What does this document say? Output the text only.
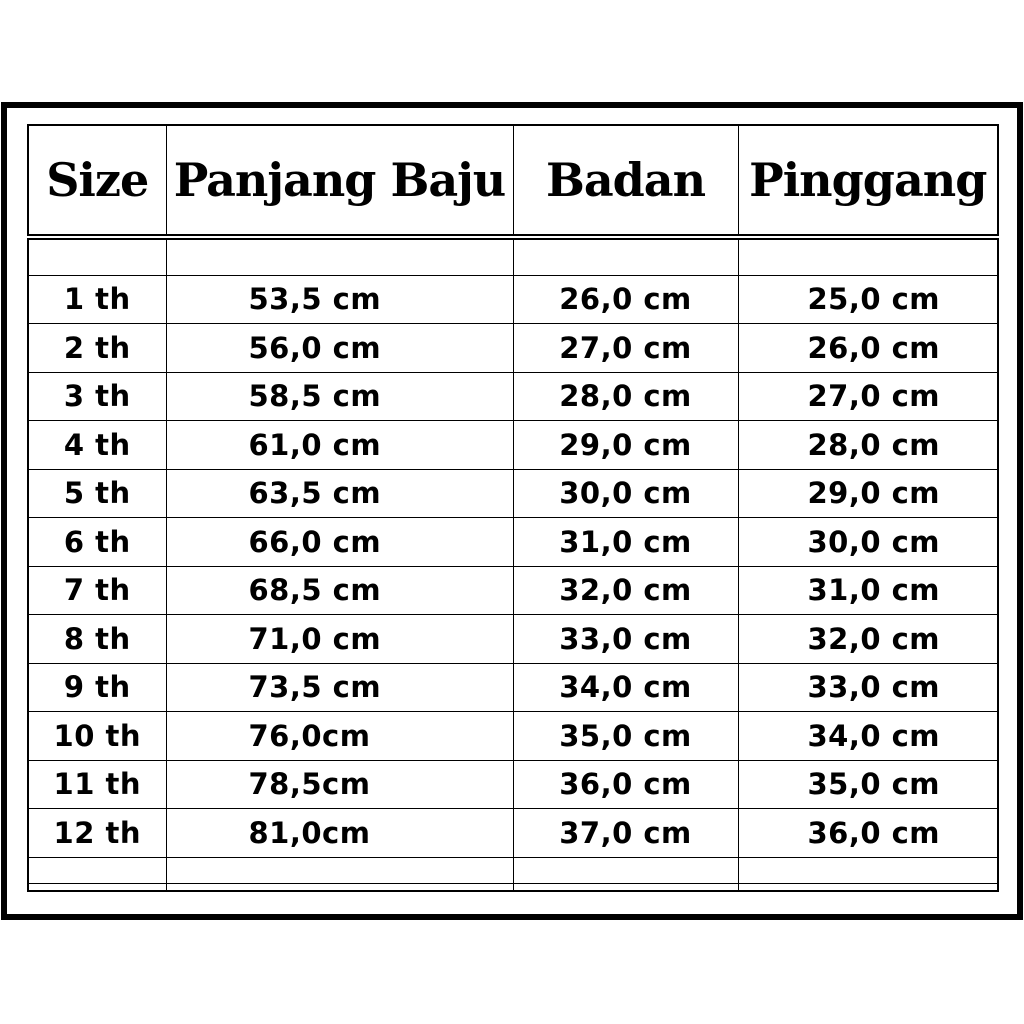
Size	Panjang Baju	Badan	Pinggang

1 th	53,5 cm	26,0 cm	25,0 cm
2 th	56,0 cm	27,0 cm	26,0 cm
3 th	58,5 cm	28,0 cm	27,0 cm
4 th	61,0 cm	29,0 cm	28,0 cm
5 th	63,5 cm	30,0 cm	29,0 cm
6 th	66,0 cm	31,0 cm	30,0 cm
7 th	68,5 cm	32,0 cm	31,0 cm
8 th	71,0 cm	33,0 cm	32,0 cm
9 th	73,5 cm	34,0 cm	33,0 cm
10 th	76,0cm	35,0 cm	34,0 cm
11 th	78,5cm	36,0 cm	35,0 cm
12 th	81,0cm	37,0 cm	36,0 cm
